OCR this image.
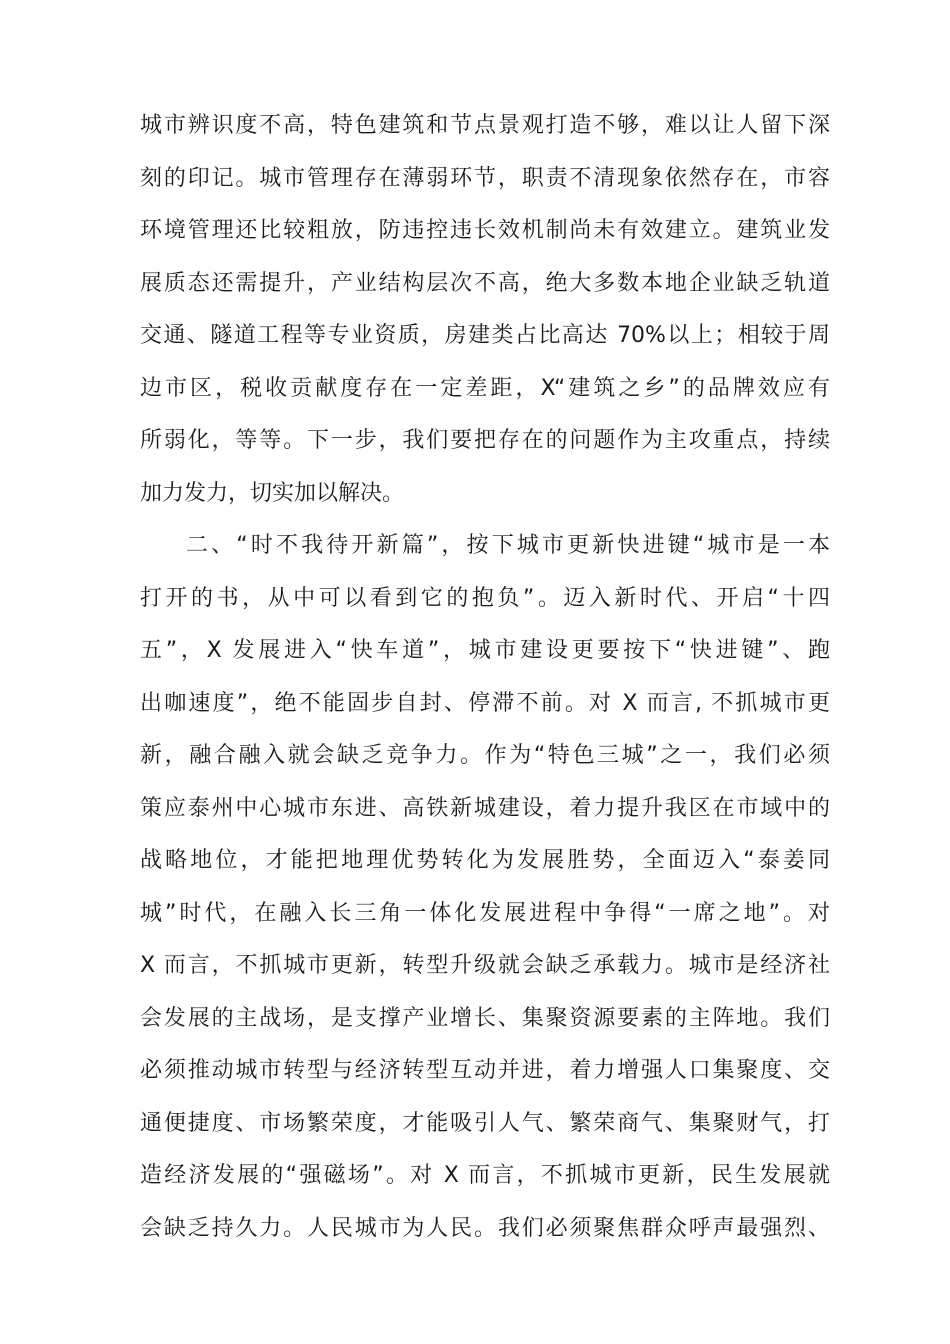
城市辨识度不高，特色建筑和节点景观打造不够，难以让人留下深
刻的印记。城市管理存在薄弱环节，职责不清现象依然存在，市容
环境管理还比较粗放，防违控违长效机制尚未有效建立。建筑业发
展质态还需提升，产业结构层次不高，绝大多数本地企业缺乏轨道
交通、隧道工程等专业资质，房建类占比高达 70%以上；相较于周
边市区，税收贡献度存在一定差距，X“建筑之乡”的品牌效应有
所弱化，等等。下一步，我们要把存在的问题作为主攻重点，持续
加力发力，切实加以解决。
二、“时不我待开新篇”，按下城市更新快进键“城市是一本
打开的书，从中可以看到它的抱负”。迈入新时代、开启“十四
五”，X 发展进入“快车道”，城市建设更要按下“快进键”、跑
出咖速度”，绝不能固步自封、停滞不前。对 X 而言, 不抓城市更
新，融合融入就会缺乏竞争力。作为“特色三城”之一，我们必须
策应泰州中心城市东进、高铁新城建设，着力提升我区在市域中的
战略地位，才能把地理优势转化为发展胜势，全面迈入“泰姜同
城”时代，在融入长三角一体化发展进程中争得“一席之地”。对
X 而言，不抓城市更新，转型升级就会缺乏承载力。城市是经济社
会发展的主战场，是支撑产业增长、集聚资源要素的主阵地。我们
必须推动城市转型与经济转型互动并进，着力增强人口集聚度、交
通便捷度、市场繁荣度，才能吸引人气、繁荣商气、集聚财气，打
造经济发展的“强磁场”。对 X 而言，不抓城市更新，民生发展就
会缺乏持久力。人民城市为人民。我们必须聚焦群众呼声最强烈、
